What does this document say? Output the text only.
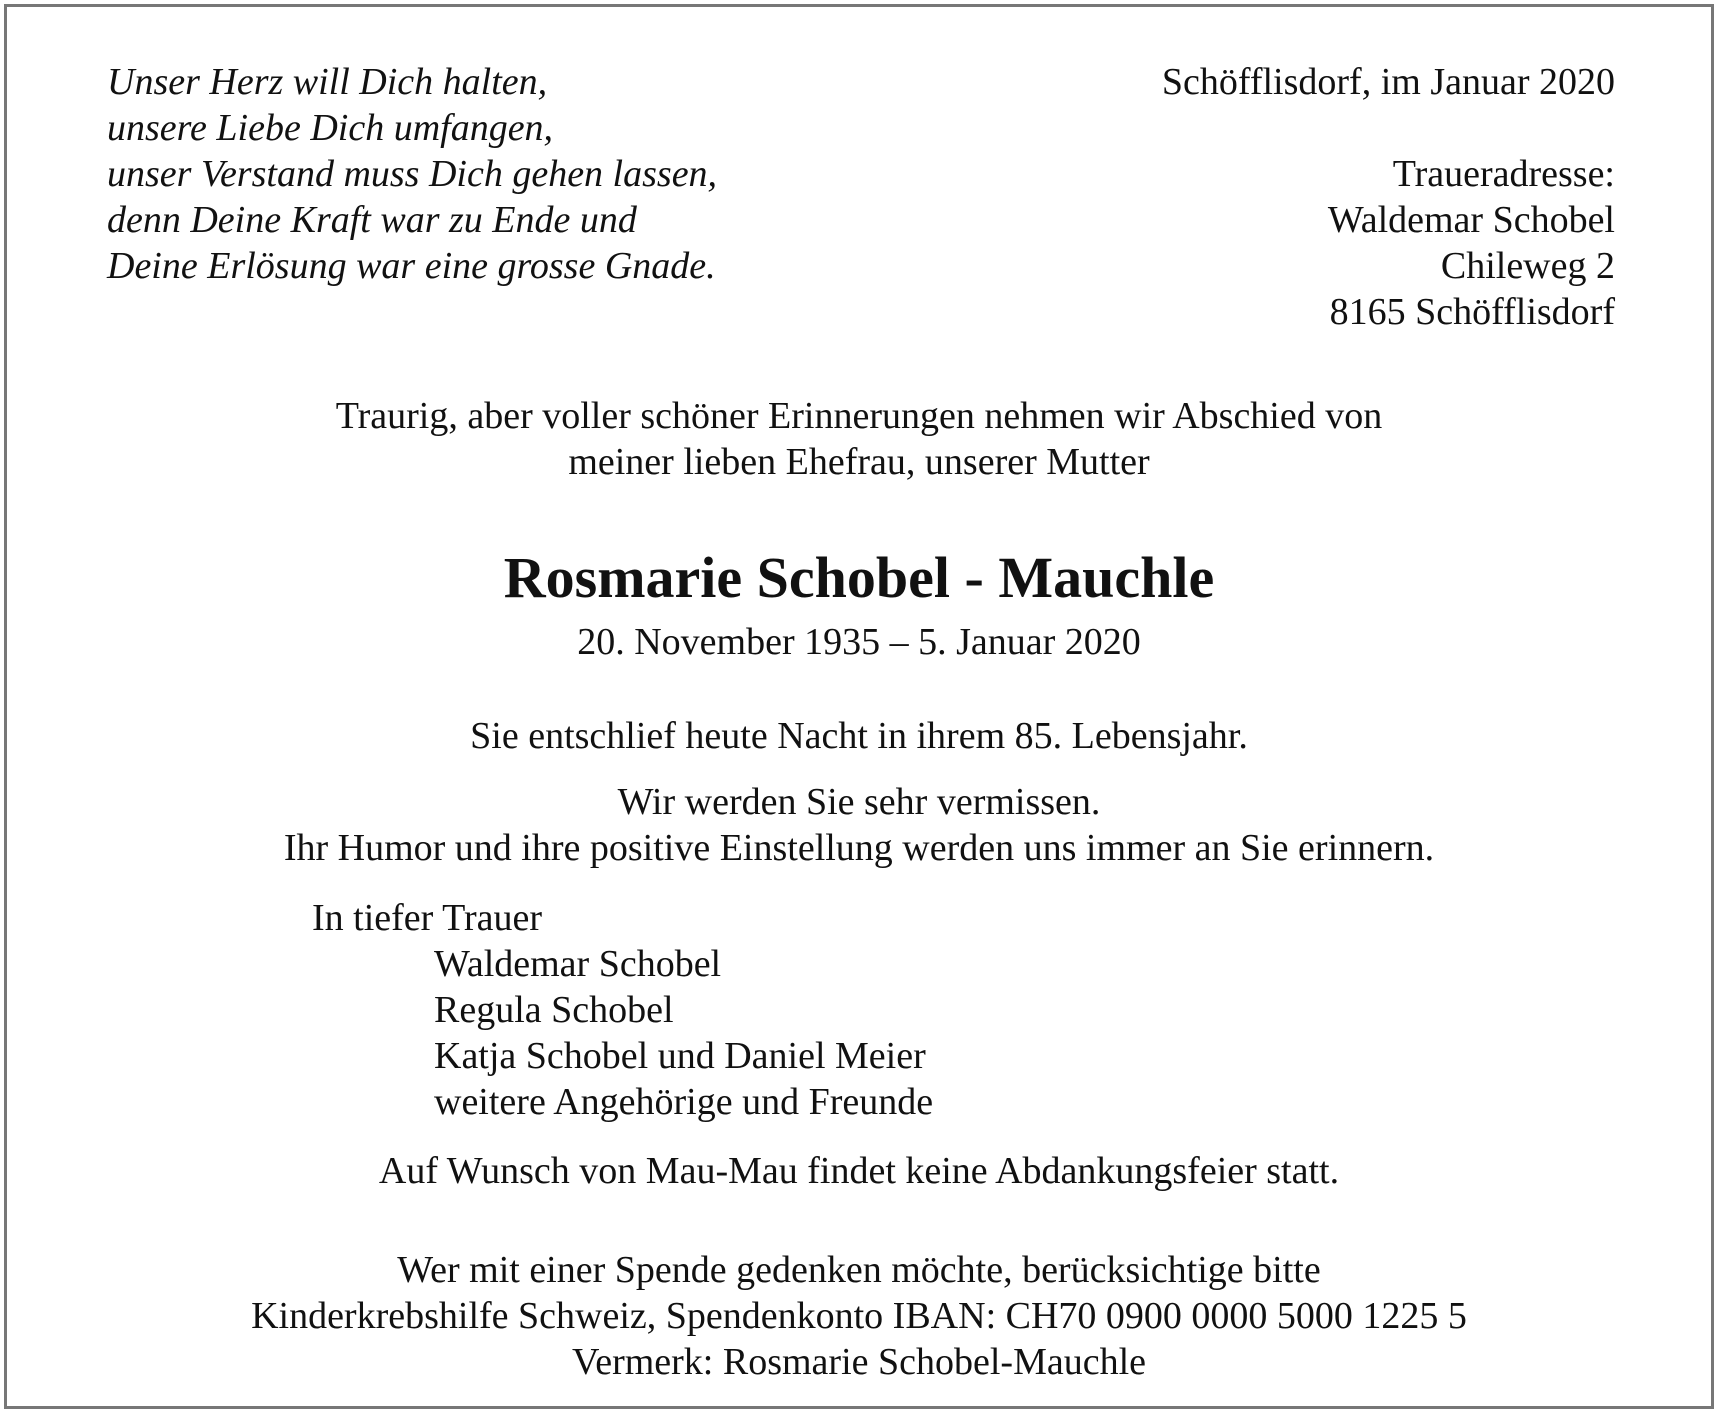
Unser Herz will Dich halten,
unsere Liebe Dich umfangen,
unser Verstand muss Dich gehen lassen,
denn Deine Kraft war zu Ende und
Deine Erlösung war eine grosse Gnade.
Schöfflisdorf, im Januar 2020
Traueradresse:
Waldemar Schobel
Chileweg 2
8165 Schöfflisdorf
Traurig, aber voller schöner Erinnerungen nehmen wir Abschied von
meiner lieben Ehefrau, unserer Mutter
Rosmarie Schobel - Mauchle
20. November 1935 – 5. Januar 2020
Sie entschlief heute Nacht in ihrem 85. Lebensjahr.
Wir werden Sie sehr vermissen.
Ihr Humor und ihre positive Einstellung werden uns immer an Sie erinnern.
In tiefer Trauer
Waldemar Schobel
Regula Schobel
Katja Schobel und Daniel Meier
weitere Angehörige und Freunde
Auf Wunsch von Mau-Mau findet keine Abdankungsfeier statt.
Wer mit einer Spende gedenken möchte, berücksichtige bitte
Kinderkrebshilfe Schweiz, Spendenkonto IBAN: CH70 0900 0000 5000 1225 5
Vermerk: Rosmarie Schobel-Mauchle
